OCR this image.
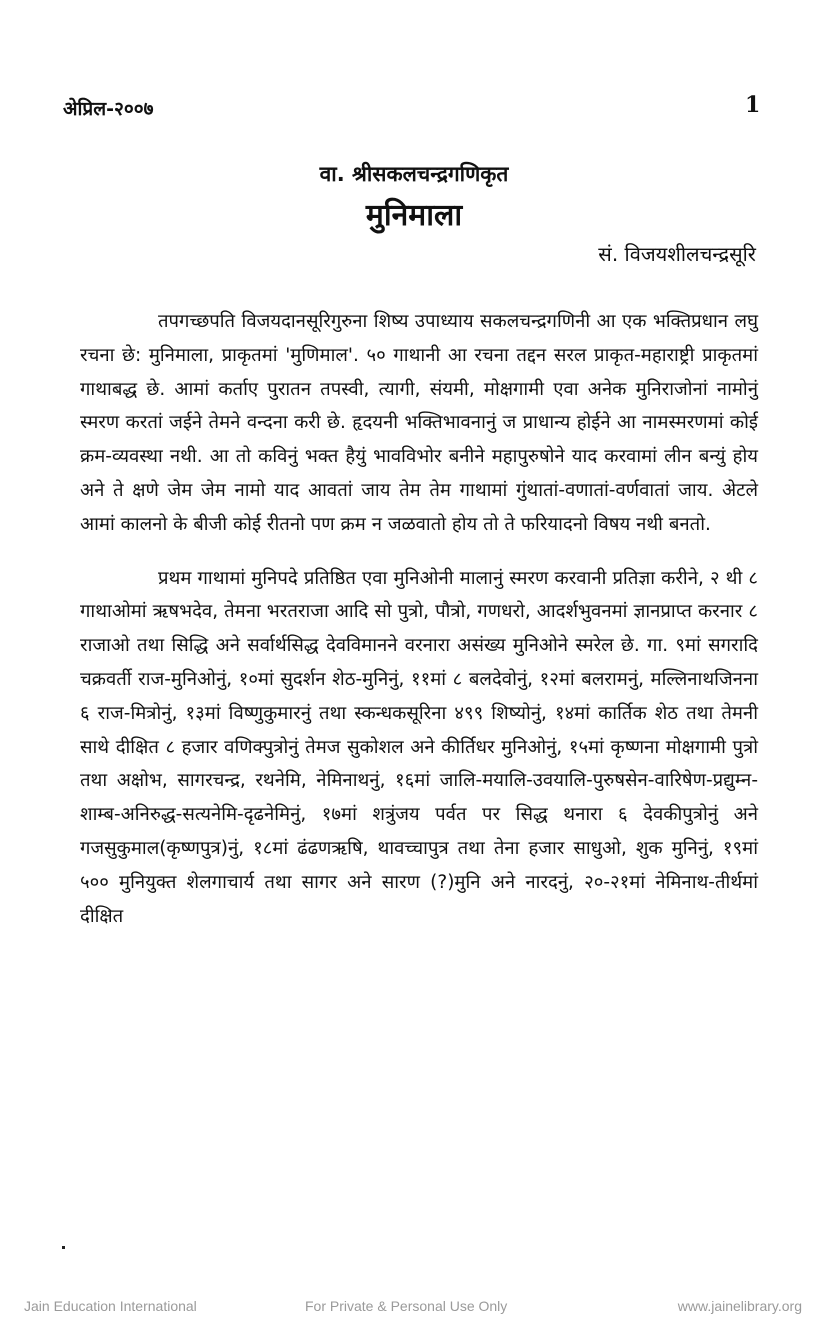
अेप्रिल-२००७	1
वा. श्रीसकलचन्द्रगणिकृत
मुनिमाला
सं. विजयशीलचन्द्रसूरि

तपगच्छपति विजयदानसूरिगुरुना शिष्य उपाध्याय सकलचन्द्रगणिनी आ एक भक्तिप्रधान लघु रचना छे: मुनिमाला, प्राकृतमां 'मुणिमाल'. ५० गाथानी आ रचना तद्दन सरल प्राकृत-महाराष्ट्री प्राकृतमां गाथाबद्ध छे. आमां कर्ताए पुरातन तपस्वी, त्यागी, संयमी, मोक्षगामी एवा अनेक मुनिराजोनां नामोनुं स्मरण करतां जईने तेमने वन्दना करी छे. हृदयनी भक्तिभावनानुं ज प्राधान्य होईने आ नामस्मरणमां कोई क्रम-व्यवस्था नथी. आ तो कविनुं भक्त हैयुं भावविभोर बनीने महापुरुषोने याद करवामां लीन बन्युं होय अने ते क्षणे जेम जेम नामो याद आवतां जाय तेम तेम गाथामां गुंथातां-वणातां-वर्णवातां जाय. अेटले आमां कालनो के बीजी कोई रीतनो पण क्रम न जळवातो होय तो ते फरियादनो विषय नथी बनतो.

प्रथम गाथामां मुनिपदे प्रतिष्ठित एवा मुनिओनी मालानुं स्मरण करवानी प्रतिज्ञा करीने, २ थी ८ गाथाओमां ऋषभदेव, तेमना भरतराजा आदि सो पुत्रो, पौत्रो, गणधरो, आदर्शभुवनमां ज्ञानप्राप्त करनार ८ राजाओ तथा सिद्धि अने सर्वार्थसिद्ध देवविमानने वरनारा असंख्य मुनिओने स्मरेल छे. गा. ९मां सगरादि चक्रवर्ती राज-मुनिओनुं, १०मां सुदर्शन शेठ-मुनिनुं, ११मां ८ बलदेवोनुं, १२मां बलरामनुं, मल्लिनाथजिनना ६ राज-मित्रोनुं, १३मां विष्णुकुमारनुं तथा स्कन्धकसूरिना ४९९ शिष्योनुं, १४मां कार्तिक शेठ तथा तेमनी साथे दीक्षित ८ हजार वणिक्पुत्रोनुं तेमज सुकोशल अने कीर्तिधर मुनिओनुं, १५मां कृष्णना मोक्षगामी पुत्रो तथा अक्षोभ, सागरचन्द्र, रथनेमि, नेमिनाथनुं, १६मां जालि-मयालि-उवयालि-पुरुषसेन-वारिषेण-प्रद्युम्न-शाम्ब-अनिरुद्ध-सत्यनेमि-दृढनेमिनुं, १७मां शत्रुंजय पर्वत पर सिद्ध थनारा ६ देवकीपुत्रोनुं अने गजसुकुमाल(कृष्णपुत्र)नुं, १८मां ढंढणऋषि, थावच्चापुत्र तथा तेना हजार साधुओ, शुक मुनिनुं, १९मां ५०० मुनियुक्त शेलगाचार्य तथा सागर अने सारण (?)मुनि अने नारदनुं, २०-२१मां नेमिनाथ-तीर्थमां दीक्षित

Jain Education International	For Private & Personal Use Only	www.jainelibrary.org
